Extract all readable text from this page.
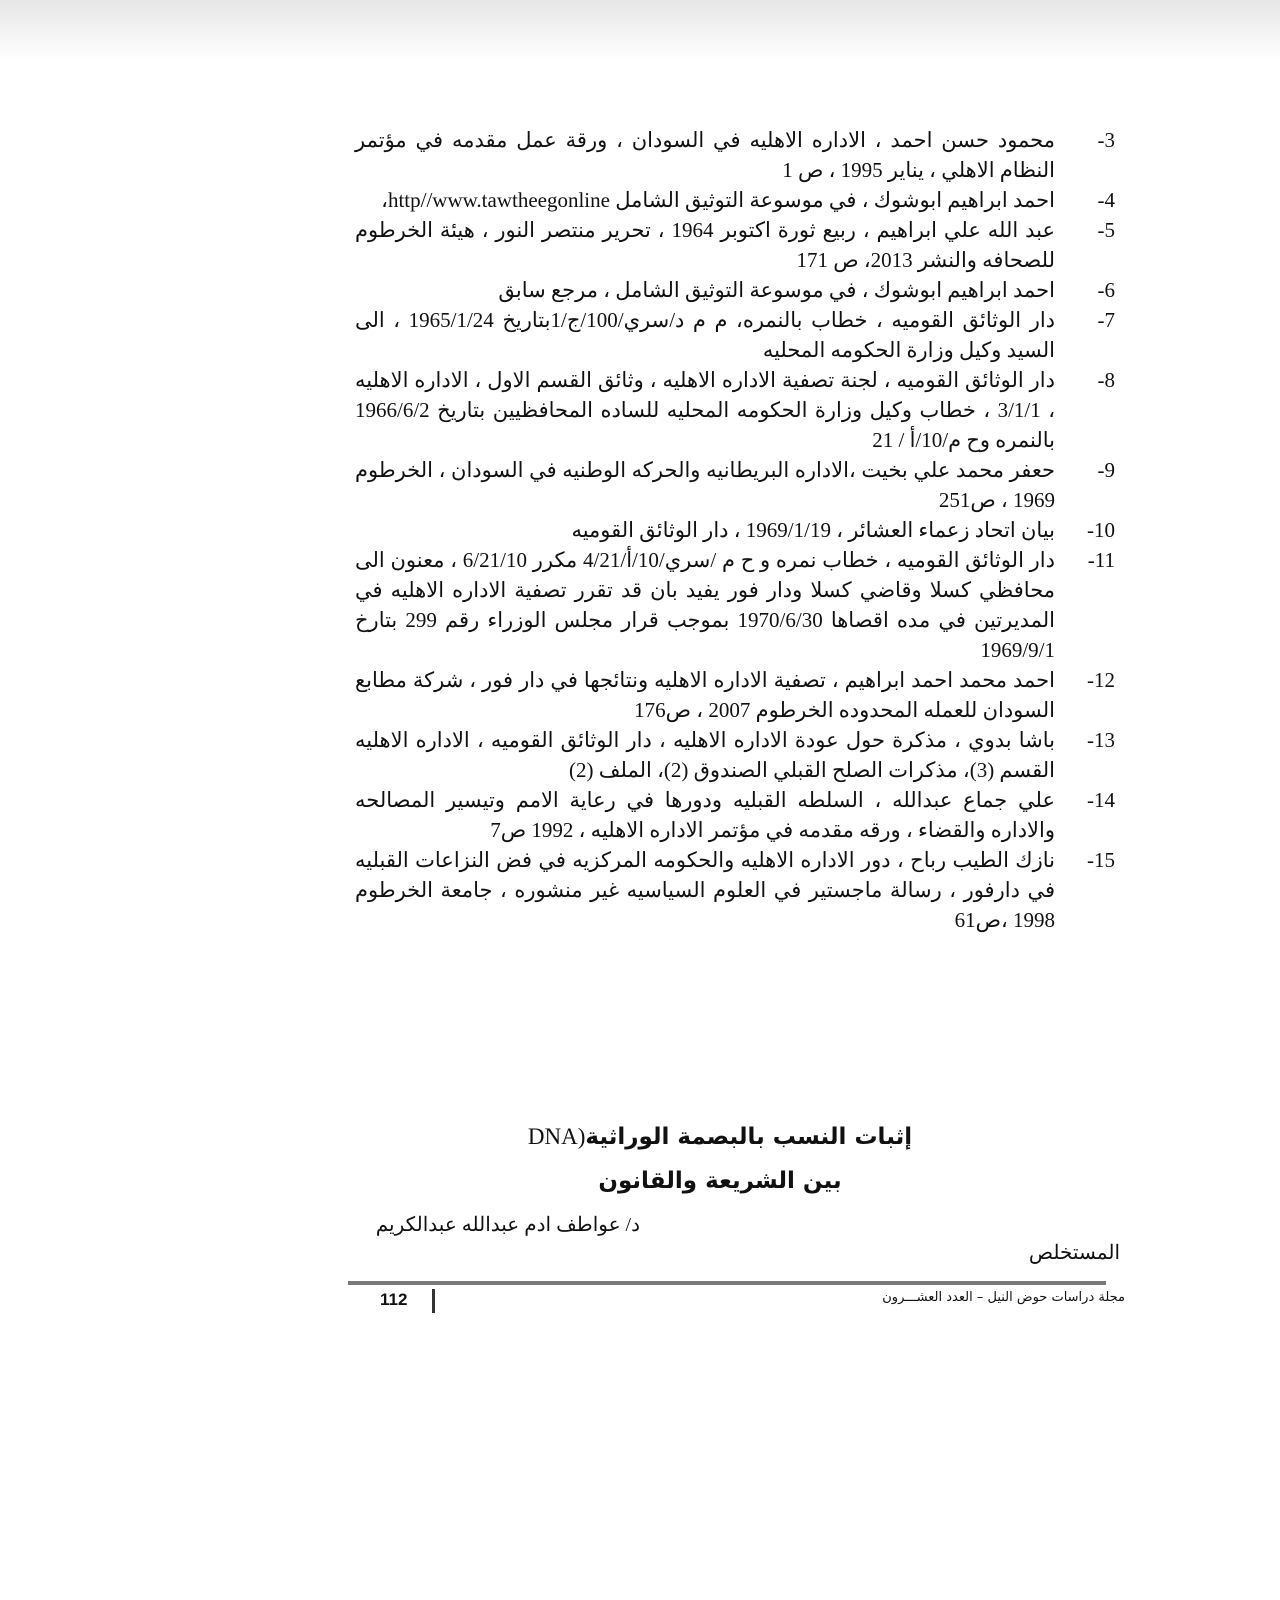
3-
محمود حسن احمد ، الاداره الاهليه في السودان ، ورقة عمل مقدمه في مؤتمر النظام الاهلي ، يناير 1995 ، ص 1
4-
احمد ابراهيم ابوشوك ، في موسوعة التوثيق الشامل http//www.tawtheegonline،
5-
عبد الله علي ابراهيم ، ربيع ثورة اكتوبر 1964 ، تحرير منتصر النور ، هيئة الخرطوم للصحافه والنشر 2013، ص 171
6-
احمد ابراهيم ابوشوك ، في موسوعة التوثيق الشامل ، مرجع سابق
7-
دار الوثائق القوميه ، خطاب بالنمره، م م د/سري/100/ج/1بتاريخ 1965/1/24 ، الى السيد وكيل وزارة الحكومه المحليه
8-
دار الوثائق القوميه ، لجنة تصفية الاداره الاهليه ، وثائق القسم الاول ، الاداره الاهليه ، 3/1/1 ، خطاب وكيل وزارة الحكومه المحليه للساده المحافظيين بتاريخ 1966/6/2 بالنمره وح م/10/أ / 21
9-
حعفر محمد علي بخيت ،الاداره البريطانيه والحركه الوطنيه في السودان ، الخرطوم 1969 ، ص251
10-
بيان اتحاد زعماء العشائر ، 1969/1/19 ، دار الوثائق القوميه
11-
دار الوثائق القوميه ، خطاب نمره و ح م /سري/10/أ/4/21 مكرر 6/21/10 ، معنون الى محافظي كسلا وقاضي كسلا ودار فور يفيد بان قد تقرر تصفية الاداره الاهليه في المديرتين في مده اقصاها 1970/6/30 بموجب قرار مجلس الوزراء رقم 299 بتارخ 1969/9/1
12-
احمد محمد احمد ابراهيم ، تصفية الاداره الاهليه ونتائجها في دار فور ، شركة مطابع السودان للعمله المحدوده الخرطوم 2007 ، ص176
13-
باشا بدوي ، مذكرة حول عودة الاداره الاهليه ، دار الوثائق القوميه ، الاداره الاهليه القسم (3)، مذكرات الصلح القبلي الصندوق (2)، الملف (2)
14-
علي جماع عبدالله ، السلطه القبليه ودورها في رعاية الامم وتيسير المصالحه والاداره والقضاء ، ورقه مقدمه في مؤتمر الاداره الاهليه ، 1992 ص7
15-
نازك الطيب رباح ، دور الاداره الاهليه والحكومه المركزيه في فض النزاعات القبليه في دارفور ، رسالة ماجستير في العلوم السياسيه غير منشوره ، جامعة الخرطوم 1998 ،ص61
إثبات النسب بالبصمة الوراثية(DNA
بين الشريعة والقانون
د/ عواطف ادم عبدالله عبدالكريم
المستخلص
112	مجلة دراسات حوض النيل – العدد العشـــرون
